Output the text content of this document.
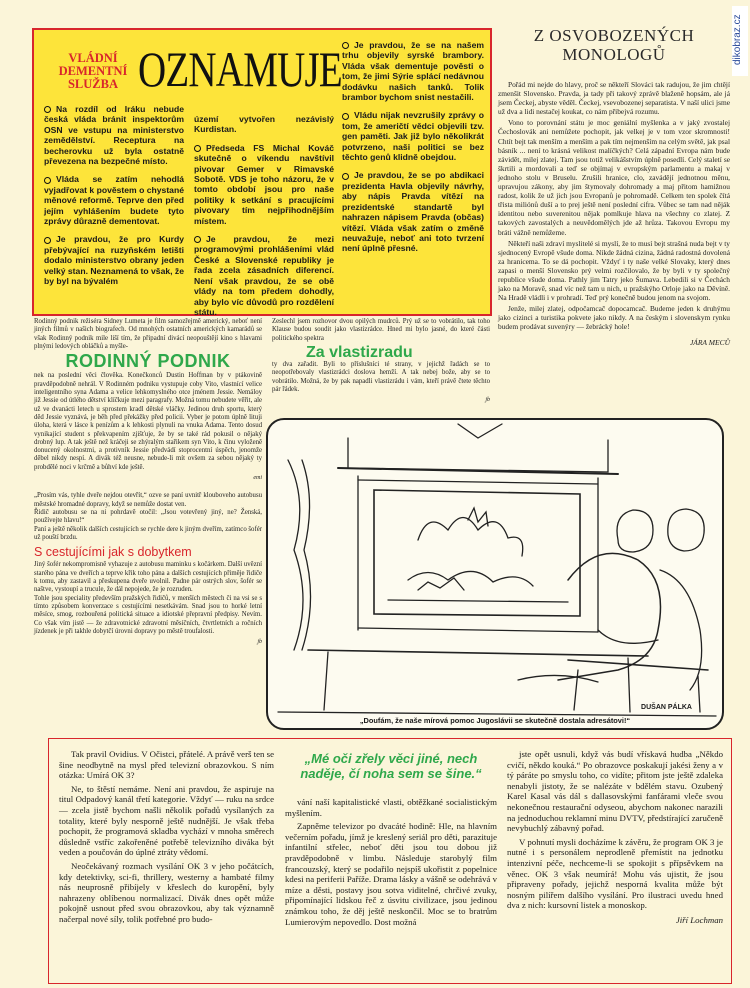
dikobraz.cz
VLÁDNÍ DEMENTNÍ SLUŽBA OZNAMUJE

Na rozdíl od Iráku nebude česká vláda bránit inspektorům OSN ve vstupu na ministerstvo zemědělství. Receptura na becherovku už byla ostatně převezena na bezpečné místo.

Vláda se zatím nehodlá vyjadřovat k pověstem o chystané měnové reformě. Teprve den před jejím vyhlášením budete tyto zprávy důrazně dementovat.

Je pravdou, že pro Kurdy přebývající na ruzyňském letišti dodalo ministerstvo obrany jeden velký stan. Neznamená to však, že by byl na bývalém

území vytvořen nezávislý Kurdistan.

Předseda FS Michal Kováč skutečně o víkendu navštívil pivovar Gemer v Rimavské Sobotě. VDS je toho názoru, že v tomto období jsou pro naše politiky k setkání s pracujícími pivovary tím nejpřihodnějším místem.

Je pravdou, že mezi programovými prohlášeními vlád České a Slovenské republiky je řada zcela zásadních diferencí. Není však pravdou, že se obě vlády na tom předem dohodly, aby bylo víc důvodů pro rozdělení státu.

Je pravdou, že se na našem trhu objevily syrské brambory. Vláda však dementuje pověsti o tom, že jimi Sýrie splácí nedávnou dodávku našich tanků. Tolik brambor bychom snist nestačili.

Vládu nijak nevzrušily zprávy o tom, že američtí vědci objevili tzv. gen paměti. Jak již bylo několikrát potvrzeno, naši politici se bez těchto genů klidně obejdou.

Je pravdou, že se po abdikaci prezidenta Havla objevily návrhy, aby nápis Pravda vítězí na prezidentské standartě byl nahrazen nápisem Pravda (občas) vítězí. Vláda však zatím o změně neuvažuje, neboť ani toto tvrzení není úplně přesné.

Z OSVOBOZENÝCH MONOLOGŮ

Pořád mi nejde do hlavy, proč se někteří Slováci tak radujou, že jim chtějí zmenšit Slovensko. Pravda, ja tady při takový zprávě blaženě hopsám, ale já jsem Čeckej, abyste věděl. Čeckej, vsevobozenej separatista. V naší ulici jsme už dva a lidi nestačej koukat, co nám přibejvá rozumu.

Vono to porovnání státu je moc geniální myšlenka a v jaký zvostalej Čechoslovák ani nemůžete pochopit, jak velkej je v tom vzor skromnosti! Chtít bejt tak menším a menším a pak tím nejmenším na celým světě, jak psal básník ... není to krásná velikost malíčkých? Celá západní Evropa nám bude závidět, milej zlatej. Tam jsou totiž velikášstvím úplně posedlí. Celý staletí se škrtili a mordovali a teď se objímaj v evropským parlamentu a makaj v jednoho stolu v Bruselu. Zrušili hranice, clo, zavádějí jednotnou měnu, upravujou zákony, aby jim štymovaly dohromady a maj přitom hamižnou radost, kolik že už jich jsou Evropanů je pohromadě. Celkem ten spolek čítá třista miliónů duší a to prej ještě není poslední cifra. Vůbec se tam nad něják identitou nebo suverenitou nějak pomlkuje hlava na všechny co zlatej. Z takových zavostalých a neuvědomělých jde až hrůza. Takovou Evropu my bráti vážně nemůžeme.

Někteří naši zdraví myslitelé si myslí, že to musí bejt strašná nuda bejt v ty sjednocený Evropě všude doma. Nikde žádná cizina, žádná radostná dovolená za hranicema. To se dá pochopit. Vždyť i ty naše velké Slovaky, který dnes zapasi o menší Slovensko prý velmi rozčilovalo, že by byli v ty společný republice všude doma. Pathly jim Tatry jeko Šumava. Lebedili si v Čechách jako na Moravě, snad víc než tam u nich, u pražskýho Orloje jako na Děvíně. Na Hradě vládli i v prohradí. Teď prý konečně budou jenom na svojom.

Jenže, milej zlatej, odpočamcač dopocamcač. Budeme jeden k druhýmu jako cizinci a turistika pokvete jako nikdy. A na českým i slovenskym rynku budem prodávat suvenýry — žebrácký hole!

JÁRA MECŮ

Rodinný podnik režiséra Sidney Lumeta je film samozřejmě americký, neboť není jiných filmů v našich biografech. Od mnohých ostatních amerických kamarádů se však Rodinný podnik mile liší tím, že připadní divácí neopouštějí kino s hlavami plnými ledových obláčků a myšle-

RODINNÝ PODNIK

nek na poslední věci člověka. Konečkonců Dustin Hoffman by v ptákovině pravděpodobně nehrál. V Rodinném podniku vystupuje coby Vito, vlastnící velice inteligentního syna Adama a velice lehkomyslného otce jménem Jessie. Nemáloy již Jessie od útlého dětství klíčkuje mezi paragrafy. Možná tomu nebudete věřit, ale už ve dvanácti letech u sprostem kradl dětské vláčky. Jedinou druh sportu, který děd Jessie vyznává, je běh před překážky před policii. Vyber je potom úplně lituji úloha, která v lásce k penízům a k lehkosti plynuli na vnuka Adama. Tento dosud vynikající student s překvapením zjišťuje, že by se také rád pokusil o nějaký drobný lup. A tak ještě než kráčeji se zhýralým stařikem syn Vito, k činu vyloženě donucený okolnostmi, a protivník Jessie předvádí stoprocentní úspěch, jenomže děbel nikdy nespí. A divák též neusne, nebude-li mít ovšem za sebou nějaký ty probdělé noci v krčmě a bůhví kde ještě.

emi

„Prosím vás, tyhle dveře nejdou otevřít,“ ozve se paní uvnitř klouboveho autobusu městské hromadné dopravy, když se nemůže dostat ven.
Řidič autobusu se na ni pohrdavě otočil: „Jsou votevřený jiný, ne? Ženská, používejte hlavu!“
Paní a ještě několik dalších cestujících se rychle dere k jiným dveřím, zatímco šofér už pouští brzdu.

S cestujícími jak s dobytkem

Jiný šofér nekompromisně vyhazuje z autobusu maminku s kočárkem. Další uvězní starého pána ve dveřích a teprve křik toho pána a dalších cestujících přiměje řidiče k tomu, aby zastavil a přeskupena dveře uvolnil. Padne pár ostrých slov, šofér se naštve, vystoupí a truculе, že dál nepojede, že je rozruden.
Tohle jsou speciality především pražských řidičů, v menších městech či na vsi se s tímto způsobem konverzace s cestujícími nesetkávám. Snad jsou to horké letní měsíce, smog, rozbouřená politická situace a idiotské přepravní předpisy. Nevím. Co však vím jistě — že zdravotnické zdravotní měsíčních, čtvrtletních a ročních jízdenek je při takhle dobytčí úrovni dopravy po městě troufalosti.

jb

Zeslechl jsem rozhovor dvou opilých mudrců. Prý už se to vobrátilo, tak toho Klause budou soudit jako vlastizrádce. Hned mi bylo jasné, do které části politického spektra

Za vlastizradu

ty dva zařadit. Byli to příslušníci té strany, v jejichž řadách se to neopotřebovaly vlastizrádci doslova hemží. A tak nebej bože, aby se to vobrátilo. Možná, že by pak napadli vlastizrádu i vám, kteří právě čtete těchto pár řádek.

jb
DUŠAN PÁLKA
„Doufám, že naše mírová pomoc Jugoslávii se skutečně dostala adresátovi!“

Tak pravil Ovidius. V Očistci, přátelé. A právě verš ten se šine neodbytně na mysl před televizní obrazovkou. S ním otázka: Umírá OK 3?

Ne, to štěstí nemáme. Není ani pravdou, že aspiruje na titul Odpadový kanál třetí kategorie. Vždyť — ruku na srdce — zcela jistě bychom našli několik pořadů vysílaných za totality, které byly nesporně ještě nudnější. Je však třeba pochopit, že programová skladba vychází v mnoha směrech důsledně vstříc zakořeněné potřebě televizního diváka být veden a poučován do úplné ztráty vědomí.

Neočekávaný rozmach vysílání OK 3 v jeho počátcích, kdy detektivky, sci-fi, thrillery, westerny a hambaté filmy nás neuprosně přibíjely v křeslech do kuropění, byly nahrazeny oblíbenou normalizací. Divák dnes opět může pokojně usnout před svou obrazovkou, aby tak významně načerpal nové síly, tolik potřebné pro budo-

„Mé oči zřely věci jiné, nech naděje, čí noha sem se šine.“

vání naší kapitalistické vlasti, obtěžkané socialistickým myšlením.

Zapněme televizor po dvacáté hodině: Hle, na hlavním večerním pořadu, jímž je kreslený seriál pro děti, parazituje infantilní střelec, neboť děti jsou tou dobou již pravděpodobně v limbu. Následuje starobylý film francouzský, který se podařilo nejspíš ukořistit z popelnice kdesi na periferii Paříže. Drama lásky a vášně se odehrává v míze a děsti, postavy jsou sotva viditelné, chrčivé zvuky, připomínající lidskou řeč z úsvitu civilizace, jsou jedinou známkou toho, že děj ještě neskončil. Moc se to bratrům Lumierovým nepovedlo. Dost možná

jste opět usnuli, když vás budí vřískavá hudba „Někdo cvičí, někdo kouká.“ Po obrazovce poskakují jakési ženy a v tý páráte po smyslu toho, co vidíte; přitom jste ještě zdaleka nenabyli jistoty, že se nalézáte v bdělém stavu. Ozubený Karel Kasal vás dál s dallasovskými fanfárami vleče svou nekonečnou restaurační odyseou, abychom nakonec narazili na jednoduchou reklamní minu DVTV, předstírající zaručeně nevybuchlý zábavný pořad.

V pohnutí mysli docházíme k závěru, že program OK 3 je nutné i s personálem neprodleně přemístit na jednotku intenzivní péče, nechceme-li se spokojit s přípsěvkem na věnec. OK 3 však neumírá! Mohu vás ujistit, že jsou připraveny pořady, jejichž nesporná kvalita může být nosným pilířem dalšího vysílání. Pro ilustraci uvedu hned dva z nich: kursovní listek a monoskop.

Jiří Lochman
